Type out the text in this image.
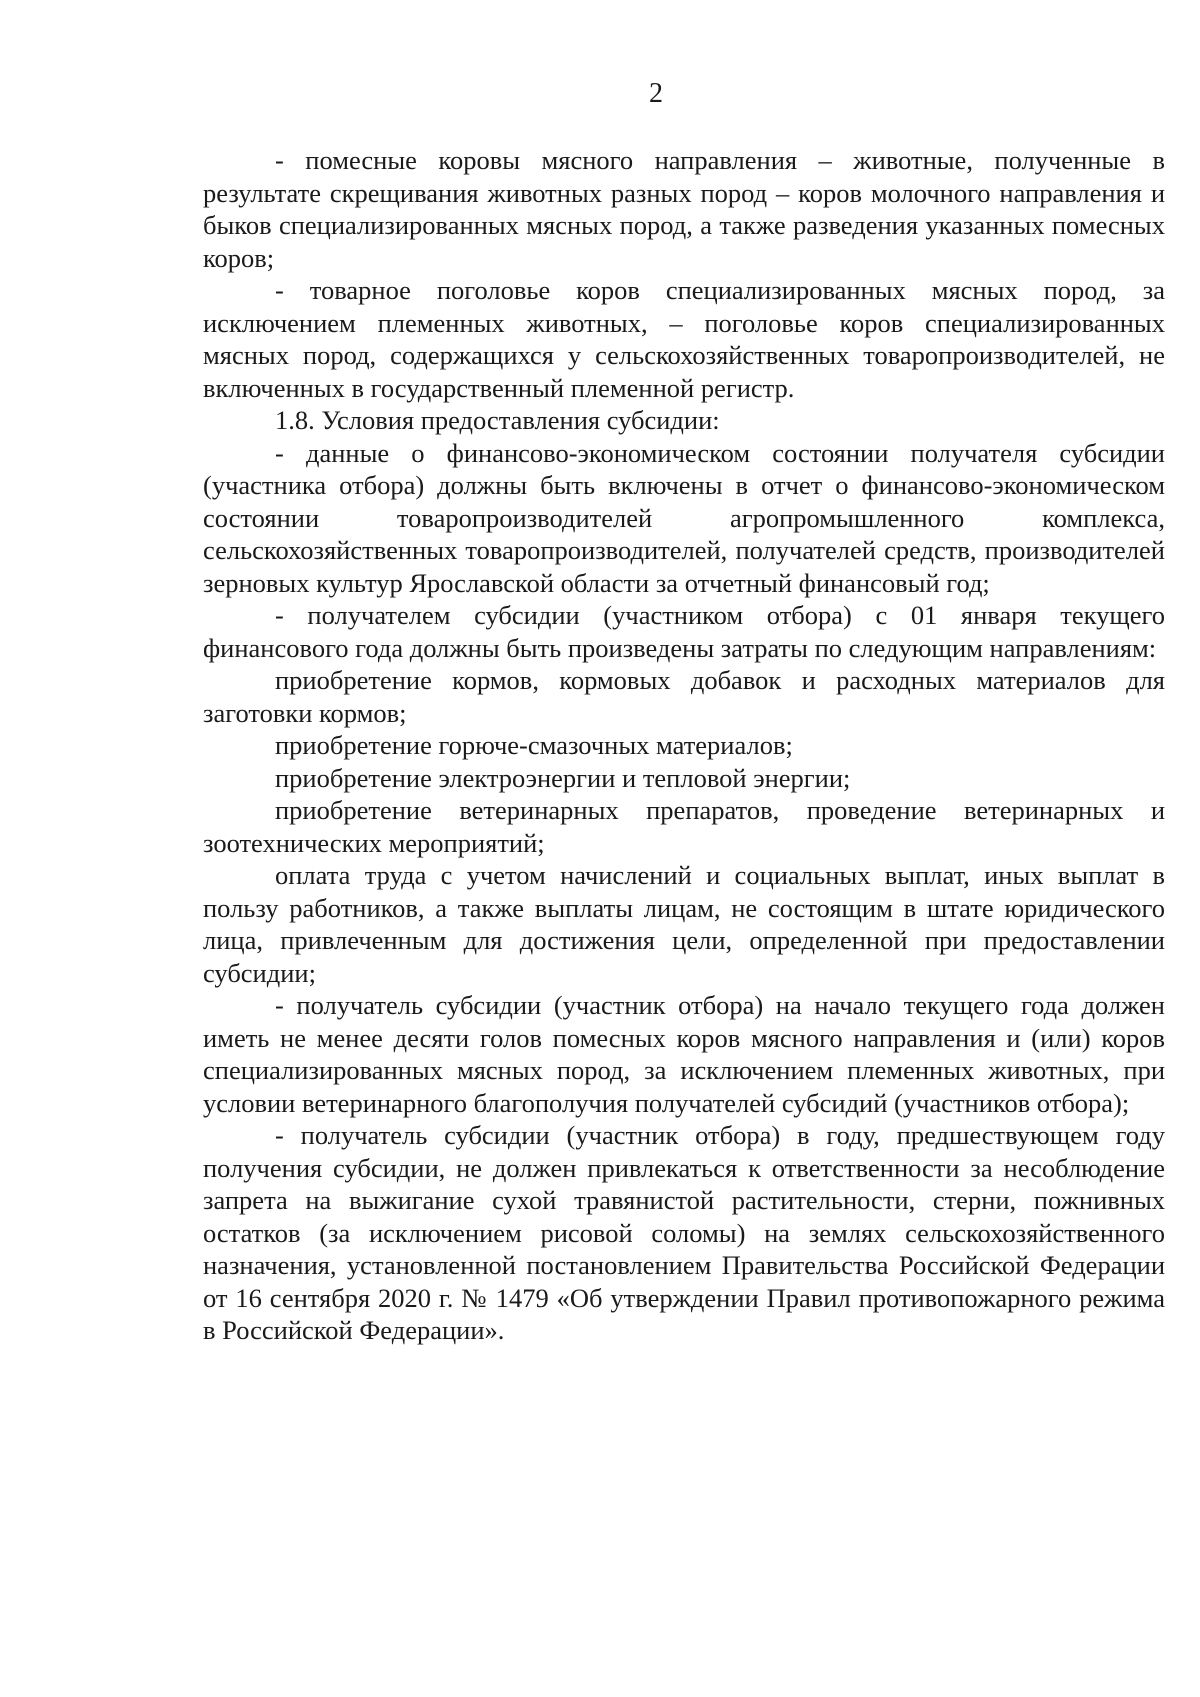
2

- помесные коровы мясного направления – животные, полученные в результате скрещивания животных разных пород – коров молочного направления и быков специализированных мясных пород, а также разведения указанных помесных коров;

- товарное поголовье коров специализированных мясных пород, за исключением племенных животных, – поголовье коров специализированных мясных пород, содержащихся у сельскохозяйственных товаропроизводителей, не включенных в государственный племенной регистр.

1.8. Условия предоставления субсидии:

- данные о финансово-экономическом состоянии получателя субсидии (участника отбора) должны быть включены в отчет о финансово-экономическом состоянии товаропроизводителей агропромышленного комплекса, сельскохозяйственных товаропроизводителей, получателей средств, производителей зерновых культур Ярославской области за отчетный финансовый год;

- получателем субсидии (участником отбора) с 01 января текущего финансового года должны быть произведены затраты по следующим направлениям:

приобретение кормов, кормовых добавок и расходных материалов для заготовки кормов;

приобретение горюче-смазочных материалов;

приобретение электроэнергии и тепловой энергии;

приобретение ветеринарных препаратов, проведение ветеринарных и зоотехнических мероприятий;

оплата труда с учетом начислений и социальных выплат, иных выплат в пользу работников, а также выплаты лицам, не состоящим в штате юридического лица, привлеченным для достижения цели, определенной при предоставлении субсидии;

- получатель субсидии (участник отбора) на начало текущего года должен иметь не менее десяти голов помесных коров мясного направления и (или) коров специализированных мясных пород, за исключением племенных животных, при условии ветеринарного благополучия получателей субсидий (участников отбора);

- получатель субсидии (участник отбора) в году, предшествующем году получения субсидии, не должен привлекаться к ответственности за несоблюдение запрета на выжигание сухой травянистой растительности, стерни, пожнивных остатков (за исключением рисовой соломы) на землях сельскохозяйственного назначения, установленной постановлением Правительства Российской Федерации от 16 сентября 2020 г. № 1479 «Об утверждении Правил противопожарного режима в Российской Федерации».
